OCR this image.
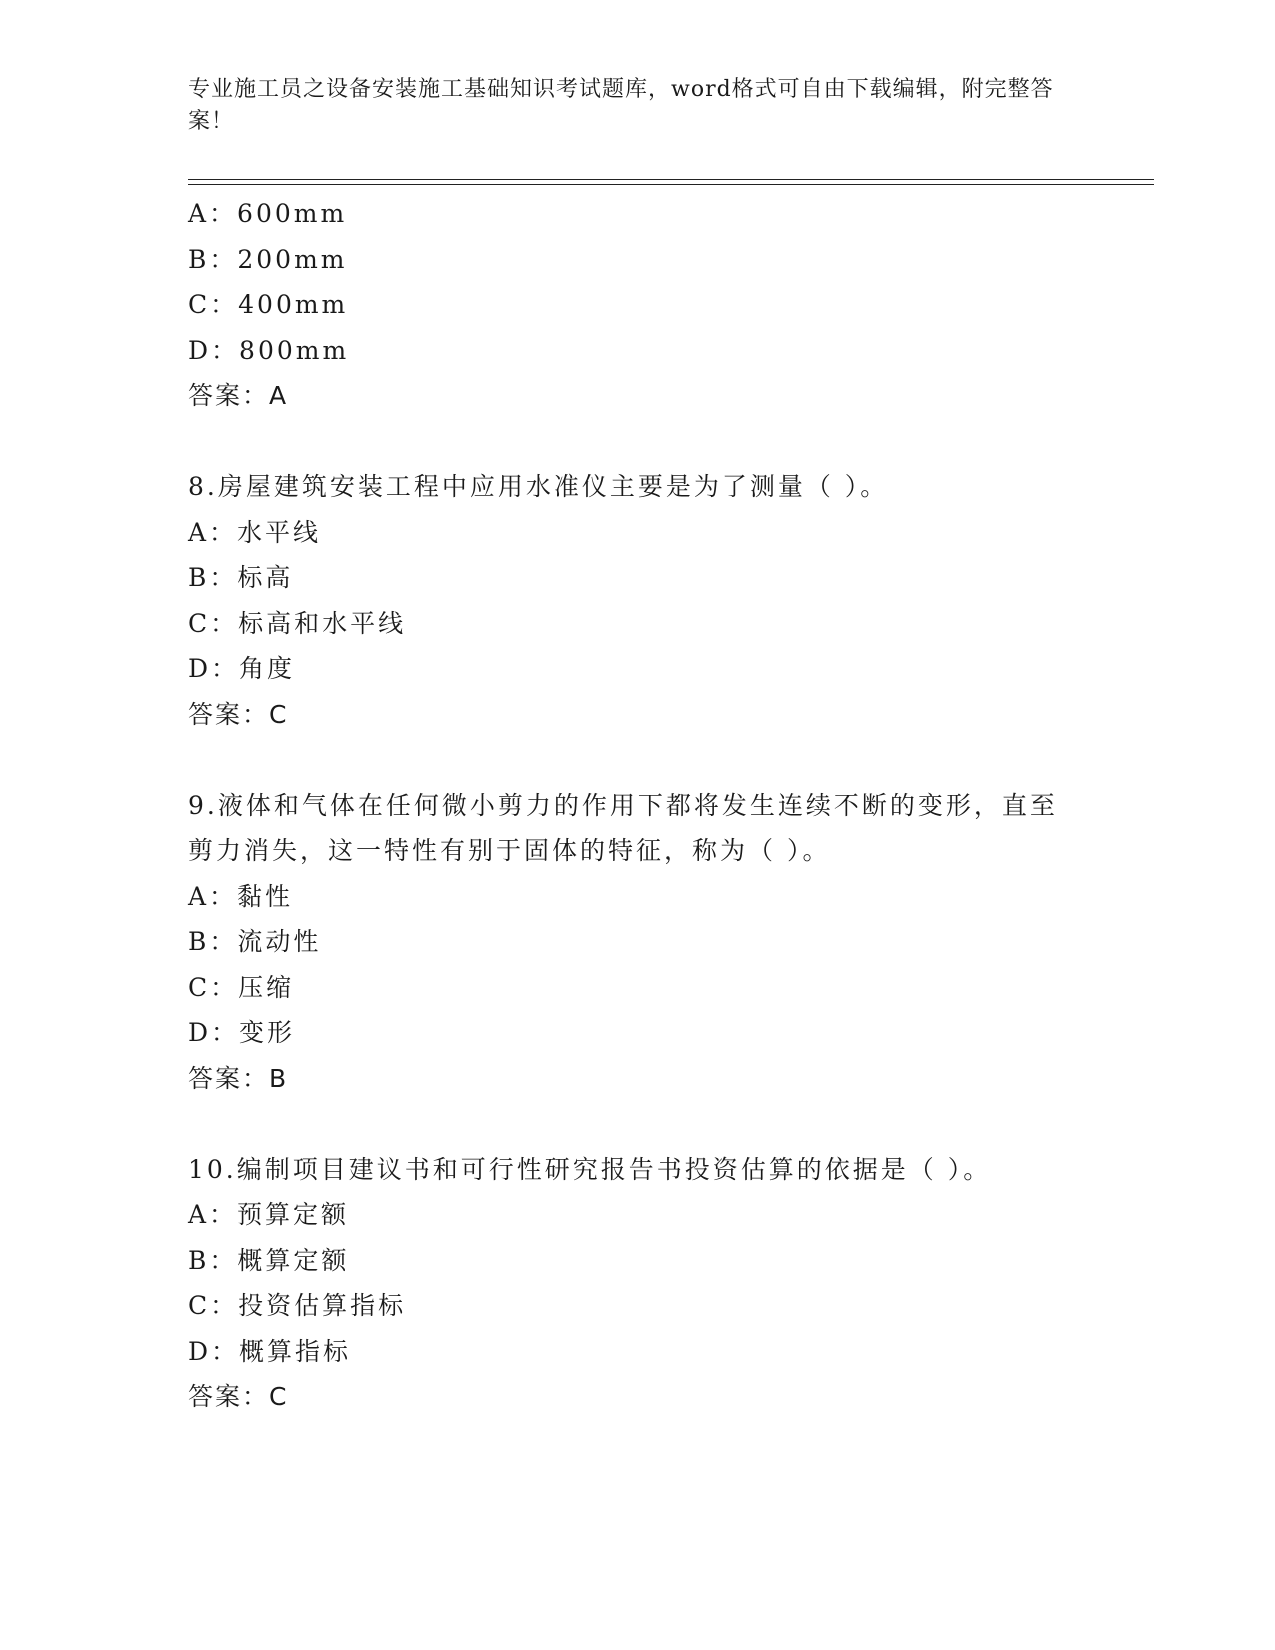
专业施工员之设备安装施工基础知识考试题库，word格式可自由下载编辑，附完整答案！
A：600mm
B：200mm
C：400mm
D：800mm
答案：A
8.房屋建筑安装工程中应用水准仪主要是为了测量（ ）。
A：水平线
B：标高
C：标高和水平线
D：角度
答案：C
9.液体和气体在任何微小剪力的作用下都将发生连续不断的变形，直至剪力消失，这一特性有别于固体的特征，称为（ ）。
A：黏性
B：流动性
C：压缩
D：变形
答案：B
10.编制项目建议书和可行性研究报告书投资估算的依据是（ ）。
A：预算定额
B：概算定额
C：投资估算指标
D：概算指标
答案：C
